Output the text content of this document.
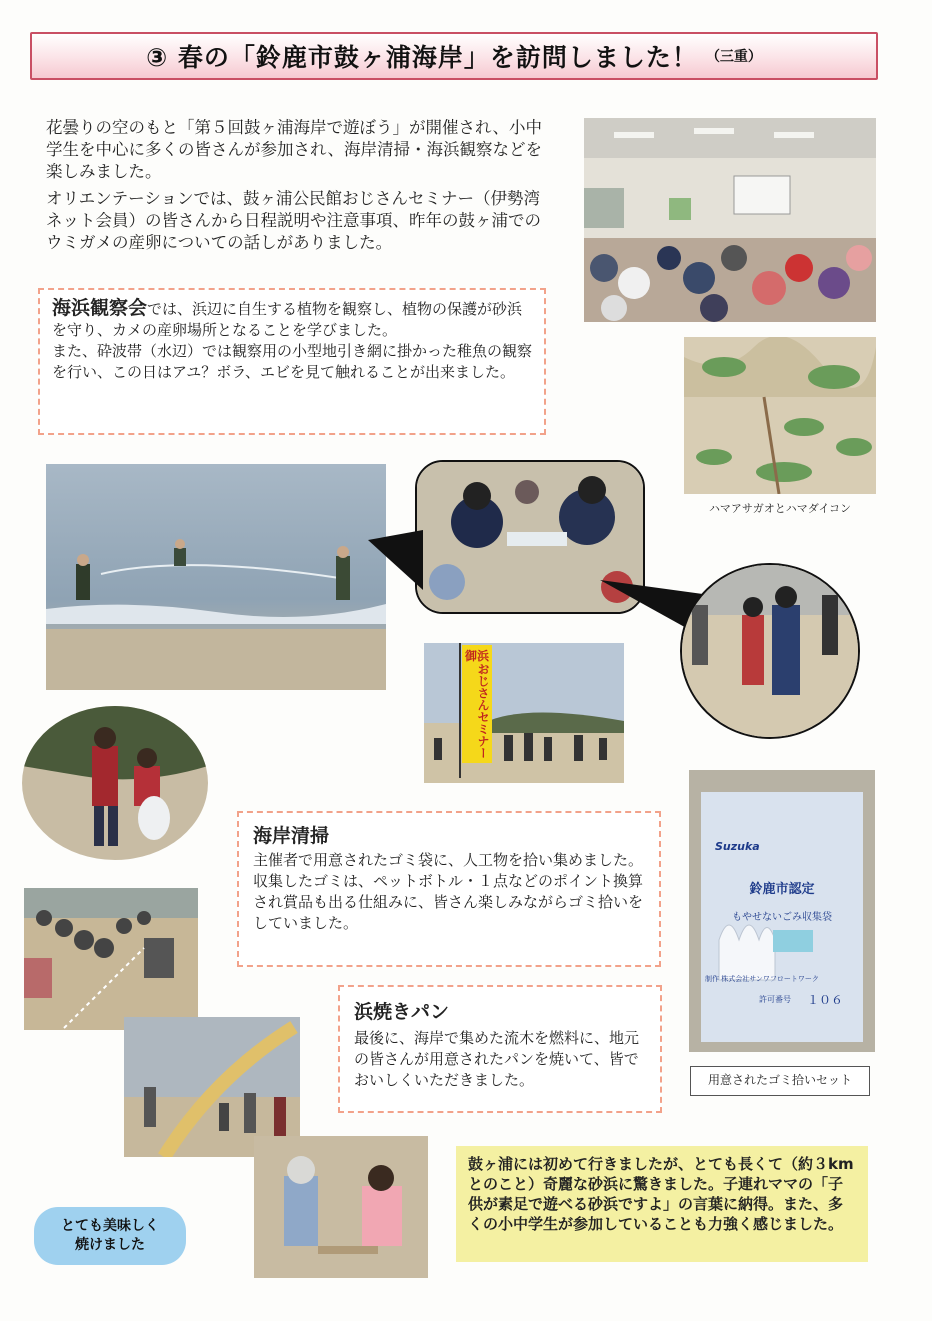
③ 春の「鈴鹿市鼓ヶ浦海岸」を訪問しました！ （三重）

花曇りの空のもと「第５回鼓ヶ浦海岸で遊ぼう」が開催され、小中学生を中心に多くの皆さんが参加され、海岸清掃・海浜観察などを楽しみました。

オリエンテーションでは、鼓ヶ浦公民館おじさんセミナー（伊勢湾ネット会員）の皆さんから日程説明や注意事項、昨年の鼓ヶ浦でのウミガメの産卵についての話しがありました。

ハマアサガオとハマダイコン

海浜観察会では、浜辺に自生する植物を観察し、植物の保護が砂浜を守り、カメの産卵場所となることを学びました。

また、砕波帯（水辺）では観察用の小型地引き網に掛かった稚魚の観察を行い、この日はアユ？ボラ、エビを見て触れることが出来ました。

御浜
おじさんセミナー
海岸清掃

主催者で用意されたゴミ袋に、人工物を拾い集めました。

収集したゴミは、ペットボトル・１点などのポイント換算され賞品も出る仕組みに、皆さん楽しみながらゴミ拾いをしていました。

Suzuka
鈴鹿市認定
もやせないごみ収集袋
制作 株式会社サンワフロートワーク
許可番号 １０６
用意されたゴミ拾いセット
浜焼きパン

最後に、海岸で集めた流木を燃料に、地元の皆さんが用意されたパンを焼いて、皆でおいしくいただきました。

鼓ヶ浦には初めて行きましたが、とても長くて（約３kmとのこと）奇麗な砂浜に驚きました。子連れママの「子供が素足で遊べる砂浜ですよ」の言葉に納得。また、多くの小中学生が参加していることも力強く感じました。
とても美味しく
焼けました
